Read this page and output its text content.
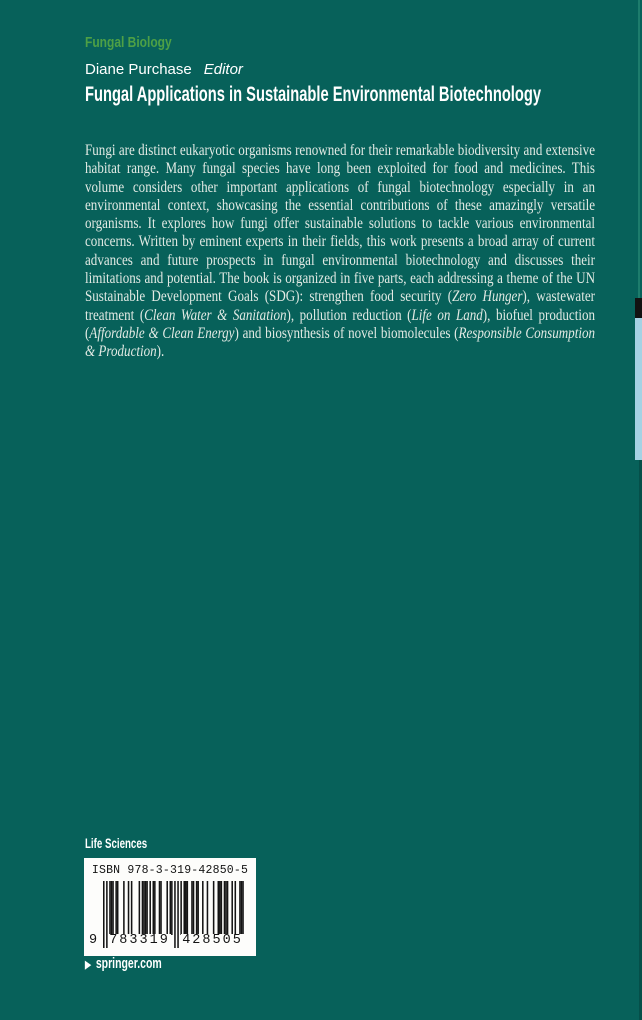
Fungal Biology
Diane Purchase Editor
Fungal Applications in Sustainable Environmental Biotechnology

Fungi are distinct eukaryotic organisms renowned for their remarkable biodiversity and extensive habitat range. Many fungal species have long been exploited for food and medicines. This volume considers other important applications of fungal biotechnology especially in an environmental context, showcasing the essential contributions of these amazingly versatile organisms. It explores how fungi offer sustainable solutions to tackle various environmental concerns. Written by eminent experts in their fields, this work presents a broad array of current advances and future prospects in fungal environmental biotechnology and discusses their limitations and potential. The book is organized in five parts, each addressing a theme of the UN Sustainable Development Goals (SDG): strengthen food security (Zero Hunger), wastewater treatment (Clean Water & Sanitation), pollution reduction (Life on Land), biofuel production (Affordable & Clean Energy) and biosynthesis of novel biomolecules (Responsible Consumption & Production).

Life Sciences
ISBN 978-3-319-42850-5
9 783319 428505
▶ springer.com
